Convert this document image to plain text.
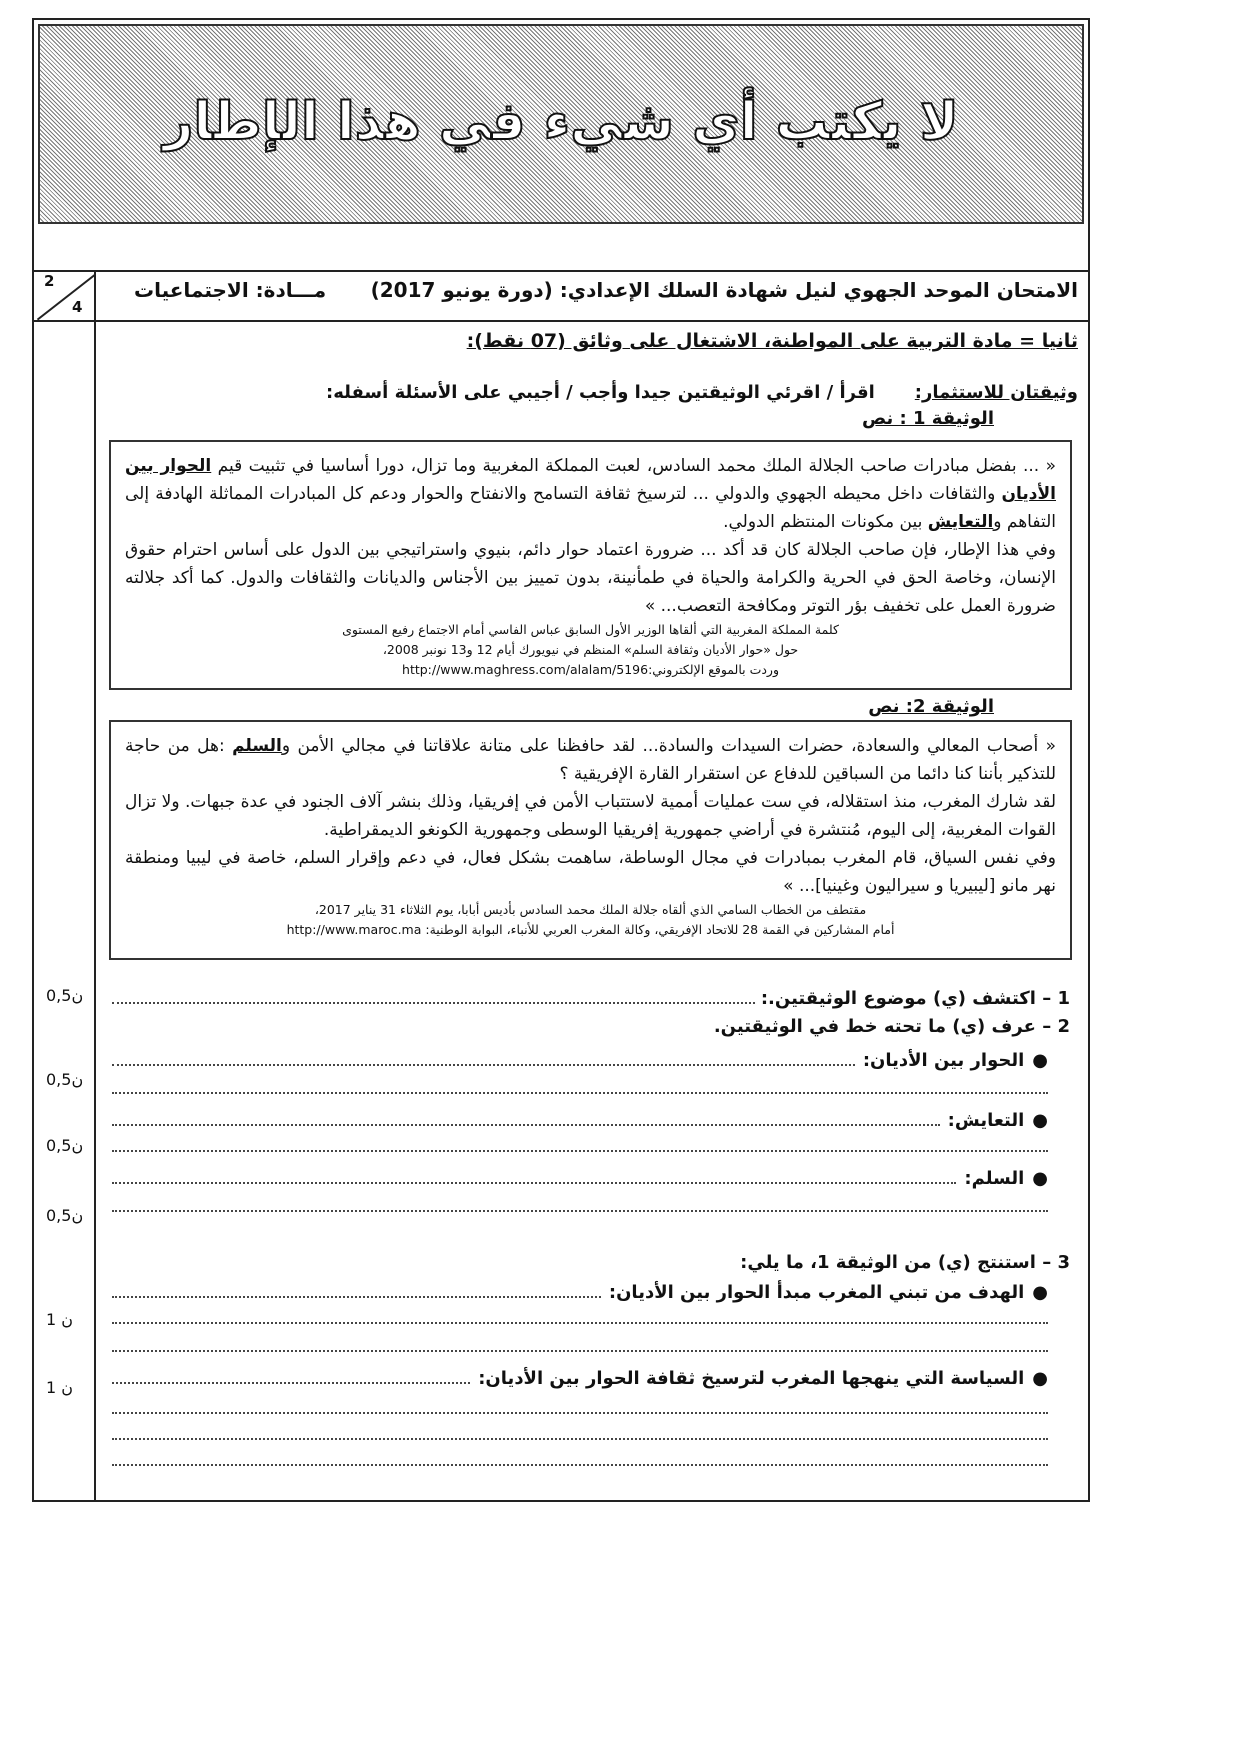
لا يكتب أي شيء في هذا الإطار
2
4
الامتحان الموحد الجهوي لنيل شهادة السلك الإعدادي: (دورة يونيو 2017)
مـــادة: الاجتماعيات
ثانيا = مادة التربية على المواطنة، الاشتغال على وثائق (07 نقط):
وثيقتان للاستثمار:
اقرأ / اقرئي الوثيقتين جيدا وأجب / أجيبي على الأسئلة أسفله:
الوثيقة 1 : نص
« ... بفضل مبادرات صاحب الجلالة الملك محمد السادس، لعبت المملكة المغربية وما تزال، دورا أساسيا في تثبيت قيم الحوار بين الأديان والثقافات داخل محيطه الجهوي والدولي ... لترسيخ ثقافة التسامح والانفتاح والحوار ودعم كل المبادرات المماثلة الهادفة إلى التفاهم والتعايش بين مكونات المنتظم الدولي.
وفي هذا الإطار، فإن صاحب الجلالة كان قد أكد ... ضرورة اعتماد حوار دائم، بنيوي واستراتيجي بين الدول على أساس احترام حقوق الإنسان، وخاصة الحق في الحرية والكرامة والحياة في طمأنينة، بدون تمييز بين الأجناس والديانات والثقافات والدول. كما أكد جلالته ضرورة العمل على تخفيف بؤر التوتر ومكافحة التعصب... »
كلمة المملكة المغربية التي ألقاها الوزير الأول السابق عباس الفاسي أمام الاجتماع رفيع المستوى
حول «حوار الأديان وثقافة السلم» المنظم في نيويورك أيام 12 و13 نونبر 2008،
وردت بالموقع الإلكتروني:http://www.maghress.com/alalam/5196
الوثيقة 2: نص
« أصحاب المعالي والسعادة، حضرات السيدات والسادة... لقد حافظنا على متانة علاقاتنا في مجالي الأمن والسلم :هل من حاجة للتذكير بأننا كنا دائما من السباقين للدفاع عن استقرار القارة الإفريقية ؟
لقد شارك المغرب، منذ استقلاله، في ست عمليات أممية لاستتباب الأمن في إفريقيا، وذلك بنشر آلاف الجنود في عدة جبهات. ولا تزال القوات المغربية، إلى اليوم، مُنتشرة في أراضي جمهورية إفريقيا الوسطى وجمهورية الكونغو الديمقراطية.
وفي نفس السياق، قام المغرب بمبادرات في مجال الوساطة، ساهمت بشكل فعال، في دعم وإقرار السلم، خاصة في ليبيا ومنطقة نهر مانو [ليبيريا و سيراليون وغينيا]... »
مقتطف من الخطاب السامي الذي ألقاه جلالة الملك محمد السادس بأديس أبابا، يوم الثلاثاء 31 يناير 2017،
أمام المشاركين في القمة 28 للاتحاد الإفريقي، وكالة المغرب العربي للأنباء، البوابة الوطنية: http://www.maroc.ma
0,5ن
0,5ن
0,5ن
0,5ن
1 ن
1 ن
1 – اكتشف (ي) موضوع الوثيقتين.:
2 – عرف (ي) ما تحته خط في الوثيقتين.
●
الحوار بين الأديان:
●
التعايش:
●
السلم:
3 – استنتج (ي) من الوثيقة 1، ما يلي:
●
الهدف من تبني المغرب مبدأ الحوار بين الأديان:
●
السياسة التي ينهجها المغرب لترسيخ ثقافة الحوار بين الأديان:
